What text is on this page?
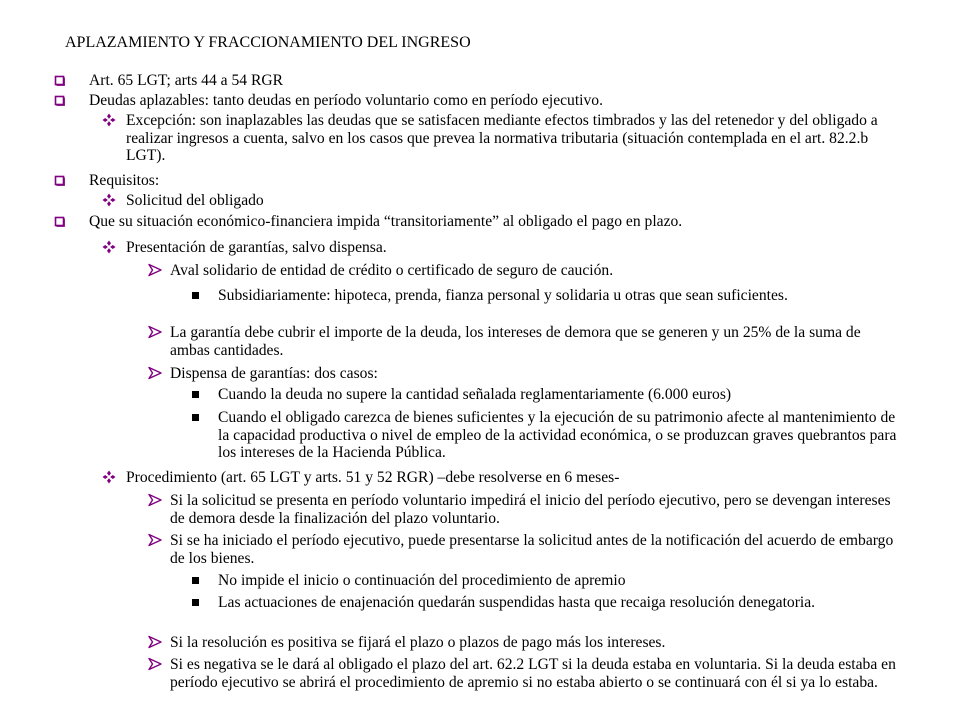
APLAZAMIENTO Y FRACCIONAMIENTO DEL INGRESO
Art. 65 LGT; arts 44 a 54 RGR
Deudas aplazables: tanto deudas en período voluntario como en período ejecutivo.
Excepción: son inaplazables las deudas que se satisfacen mediante efectos timbrados y las del retenedor y del obligado a realizar ingresos a cuenta, salvo en los casos que prevea la normativa tributaria (situación contemplada en el art. 82.2.b LGT).
Requisitos:
Solicitud del obligado
Que su situación económico-financiera impida “transitoriamente” al obligado el pago en plazo.
Presentación de garantías, salvo dispensa.
Aval solidario de entidad de crédito o certificado de seguro de caución.
Subsidiariamente: hipoteca, prenda, fianza personal y solidaria u otras que sean suficientes.
La garantía debe cubrir el importe de la deuda, los intereses de demora que se generen y un 25% de la suma de ambas cantidades.
Dispensa de garantías: dos casos:
Cuando la deuda no supere la cantidad señalada reglamentariamente (6.000 euros)
Cuando el obligado carezca de bienes suficientes y la ejecución de su patrimonio afecte al mantenimiento de la capacidad productiva o nivel de empleo de la actividad económica, o se produzcan graves quebrantos para los intereses de la Hacienda Pública.
Procedimiento (art. 65 LGT y arts. 51 y 52 RGR) –debe resolverse en 6 meses-
Si la solicitud se presenta en período voluntario impedirá el inicio del período ejecutivo, pero se devengan intereses de demora desde la finalización del plazo voluntario.
Si se ha iniciado el período ejecutivo, puede presentarse la solicitud antes de la notificación del acuerdo de embargo de los bienes.
No impide el inicio o continuación del procedimiento de apremio
Las actuaciones de enajenación quedarán suspendidas hasta que recaiga resolución denegatoria.
Si la resolución es positiva se fijará el plazo o plazos de pago más los intereses.
Si es negativa se le dará al obligado el plazo del art. 62.2 LGT si la deuda estaba en voluntaria. Si la deuda estaba en período ejecutivo se abrirá el procedimiento de apremio si no estaba abierto o se continuará con él si ya lo estaba.
